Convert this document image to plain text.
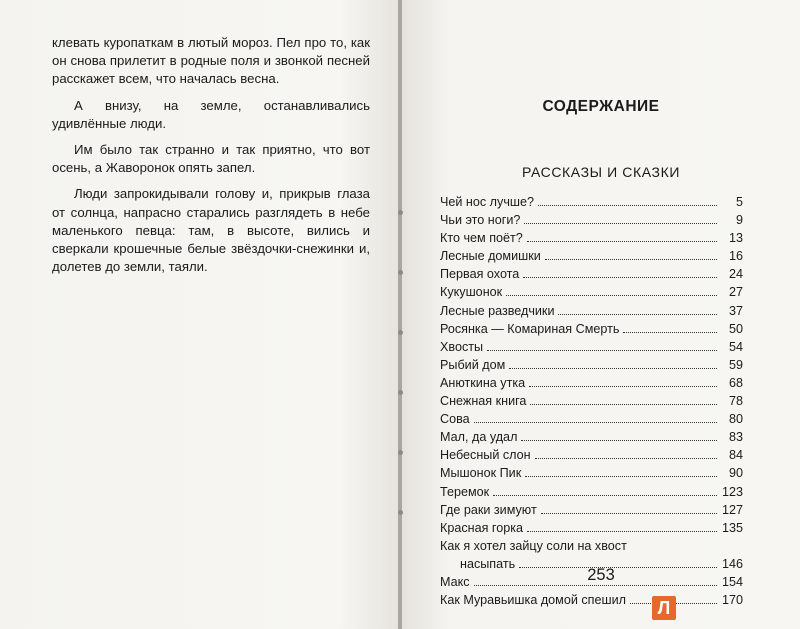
клевать куропаткам в лютый мороз. Пел про то, как он снова прилетит в родные поля и звонкой песней расскажет всем, что началась весна.

А внизу, на земле, останавливались удивлённые люди.

Им было так странно и так приятно, что вот осень, а Жаворонок опять запел.

Люди запрокидывали голову и, прикрыв глаза от солнца, напрасно старались разглядеть в небе маленького певца: там, в высоте, вились и сверкали крошечные белые звёздочки-снежинки и, долетев до земли, таяли.

СОДЕРЖАНИЕ
РАССКАЗЫ И СКАЗКИ
Чей нос лучше?	5
Чьи это ноги?	9
Кто чем поёт?	13
Лесные домишки	16
Первая охота	24
Кукушонок	27
Лесные разведчики	37
Росянка — Комариная Смерть	50
Хвосты	54
Рыбий дом	59
Анюткина утка	68
Снежная книга	78
Сова	80
Мал, да удал	83
Небесный слон	84
Мышонок Пик	90
Теремок	123
Где раки зимуют	127
Красная горка	135
Как я хотел зайцу соли на хвост
насыпать	146
Макс	154
Как Муравьишка домой спешил	170
253
Л
